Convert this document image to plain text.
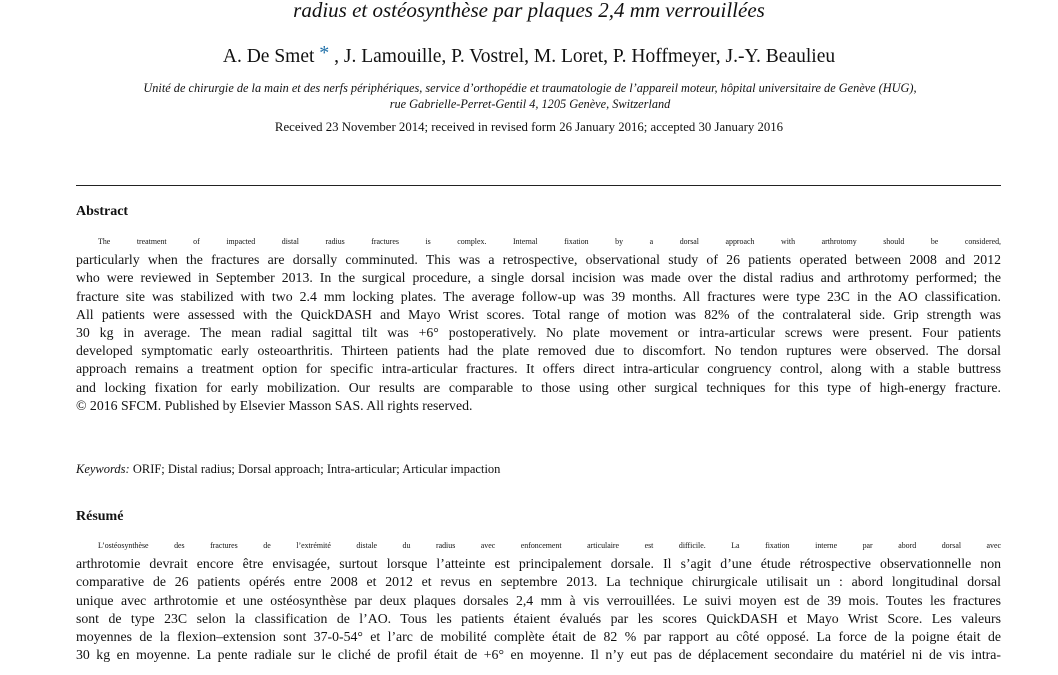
radius et ostéosynthèse par plaques 2,4 mm verrouillées
A. De Smet * , J. Lamouille, P. Vostrel, M. Loret, P. Hoffmeyer, J.-Y. Beaulieu
Unité de chirurgie de la main et des nerfs périphériques, service d’orthopédie et traumatologie de l’appareil moteur, hôpital universitaire de Genève (HUG),
rue Gabrielle-Perret-Gentil 4, 1205 Genève, Switzerland
Received 23 November 2014; received in revised form 26 January 2016; accepted 30 January 2016
Abstract
The treatment of impacted distal radius fractures is complex. Internal fixation by a dorsal approach with arthrotomy should be considered,
particularly when the fractures are dorsally comminuted. This was a retrospective, observational study of 26 patients operated between 2008 and 2012
who were reviewed in September 2013. In the surgical procedure, a single dorsal incision was made over the distal radius and arthrotomy performed; the
fracture site was stabilized with two 2.4 mm locking plates. The average follow-up was 39 months. All fractures were type 23C in the AO classification.
All patients were assessed with the QuickDASH and Mayo Wrist scores. Total range of motion was 82% of the contralateral side. Grip strength was
30 kg in average. The mean radial sagittal tilt was +6° postoperatively. No plate movement or intra-articular screws were present. Four patients
developed symptomatic early osteoarthritis. Thirteen patients had the plate removed due to discomfort. No tendon ruptures were observed. The dorsal
approach remains a treatment option for specific intra-articular fractures. It offers direct intra-articular congruency control, along with a stable buttress
and locking fixation for early mobilization. Our results are comparable to those using other surgical techniques for this type of high-energy fracture.
© 2016 SFCM. Published by Elsevier Masson SAS. All rights reserved.
Keywords: ORIF; Distal radius; Dorsal approach; Intra-articular; Articular impaction
Résumé
L’ostéosynthèse des fractures de l’extrémité distale du radius avec enfoncement articulaire est difficile. La fixation interne par abord dorsal avec
arthrotomie devrait encore être envisagée, surtout lorsque l’atteinte est principalement dorsale. Il s’agit d’une étude rétrospective observationnelle non
comparative de 26 patients opérés entre 2008 et 2012 et revus en septembre 2013. La technique chirurgicale utilisait un : abord longitudinal dorsal
unique avec arthrotomie et une ostéosynthèse par deux plaques dorsales 2,4 mm à vis verrouillées. Le suivi moyen est de 39 mois. Toutes les fractures
sont de type 23C selon la classification de l’AO. Tous les patients étaient évalués par les scores QuickDASH et Mayo Wrist Score. Les valeurs
moyennes de la flexion–extension sont 37-0-54° et l’arc de mobilité complète était de 82 % par rapport au côté opposé. La force de la poigne était de
30 kg en moyenne. La pente radiale sur le cliché de profil était de +6° en moyenne. Il n’y eut pas de déplacement secondaire du matériel ni de vis intra-
